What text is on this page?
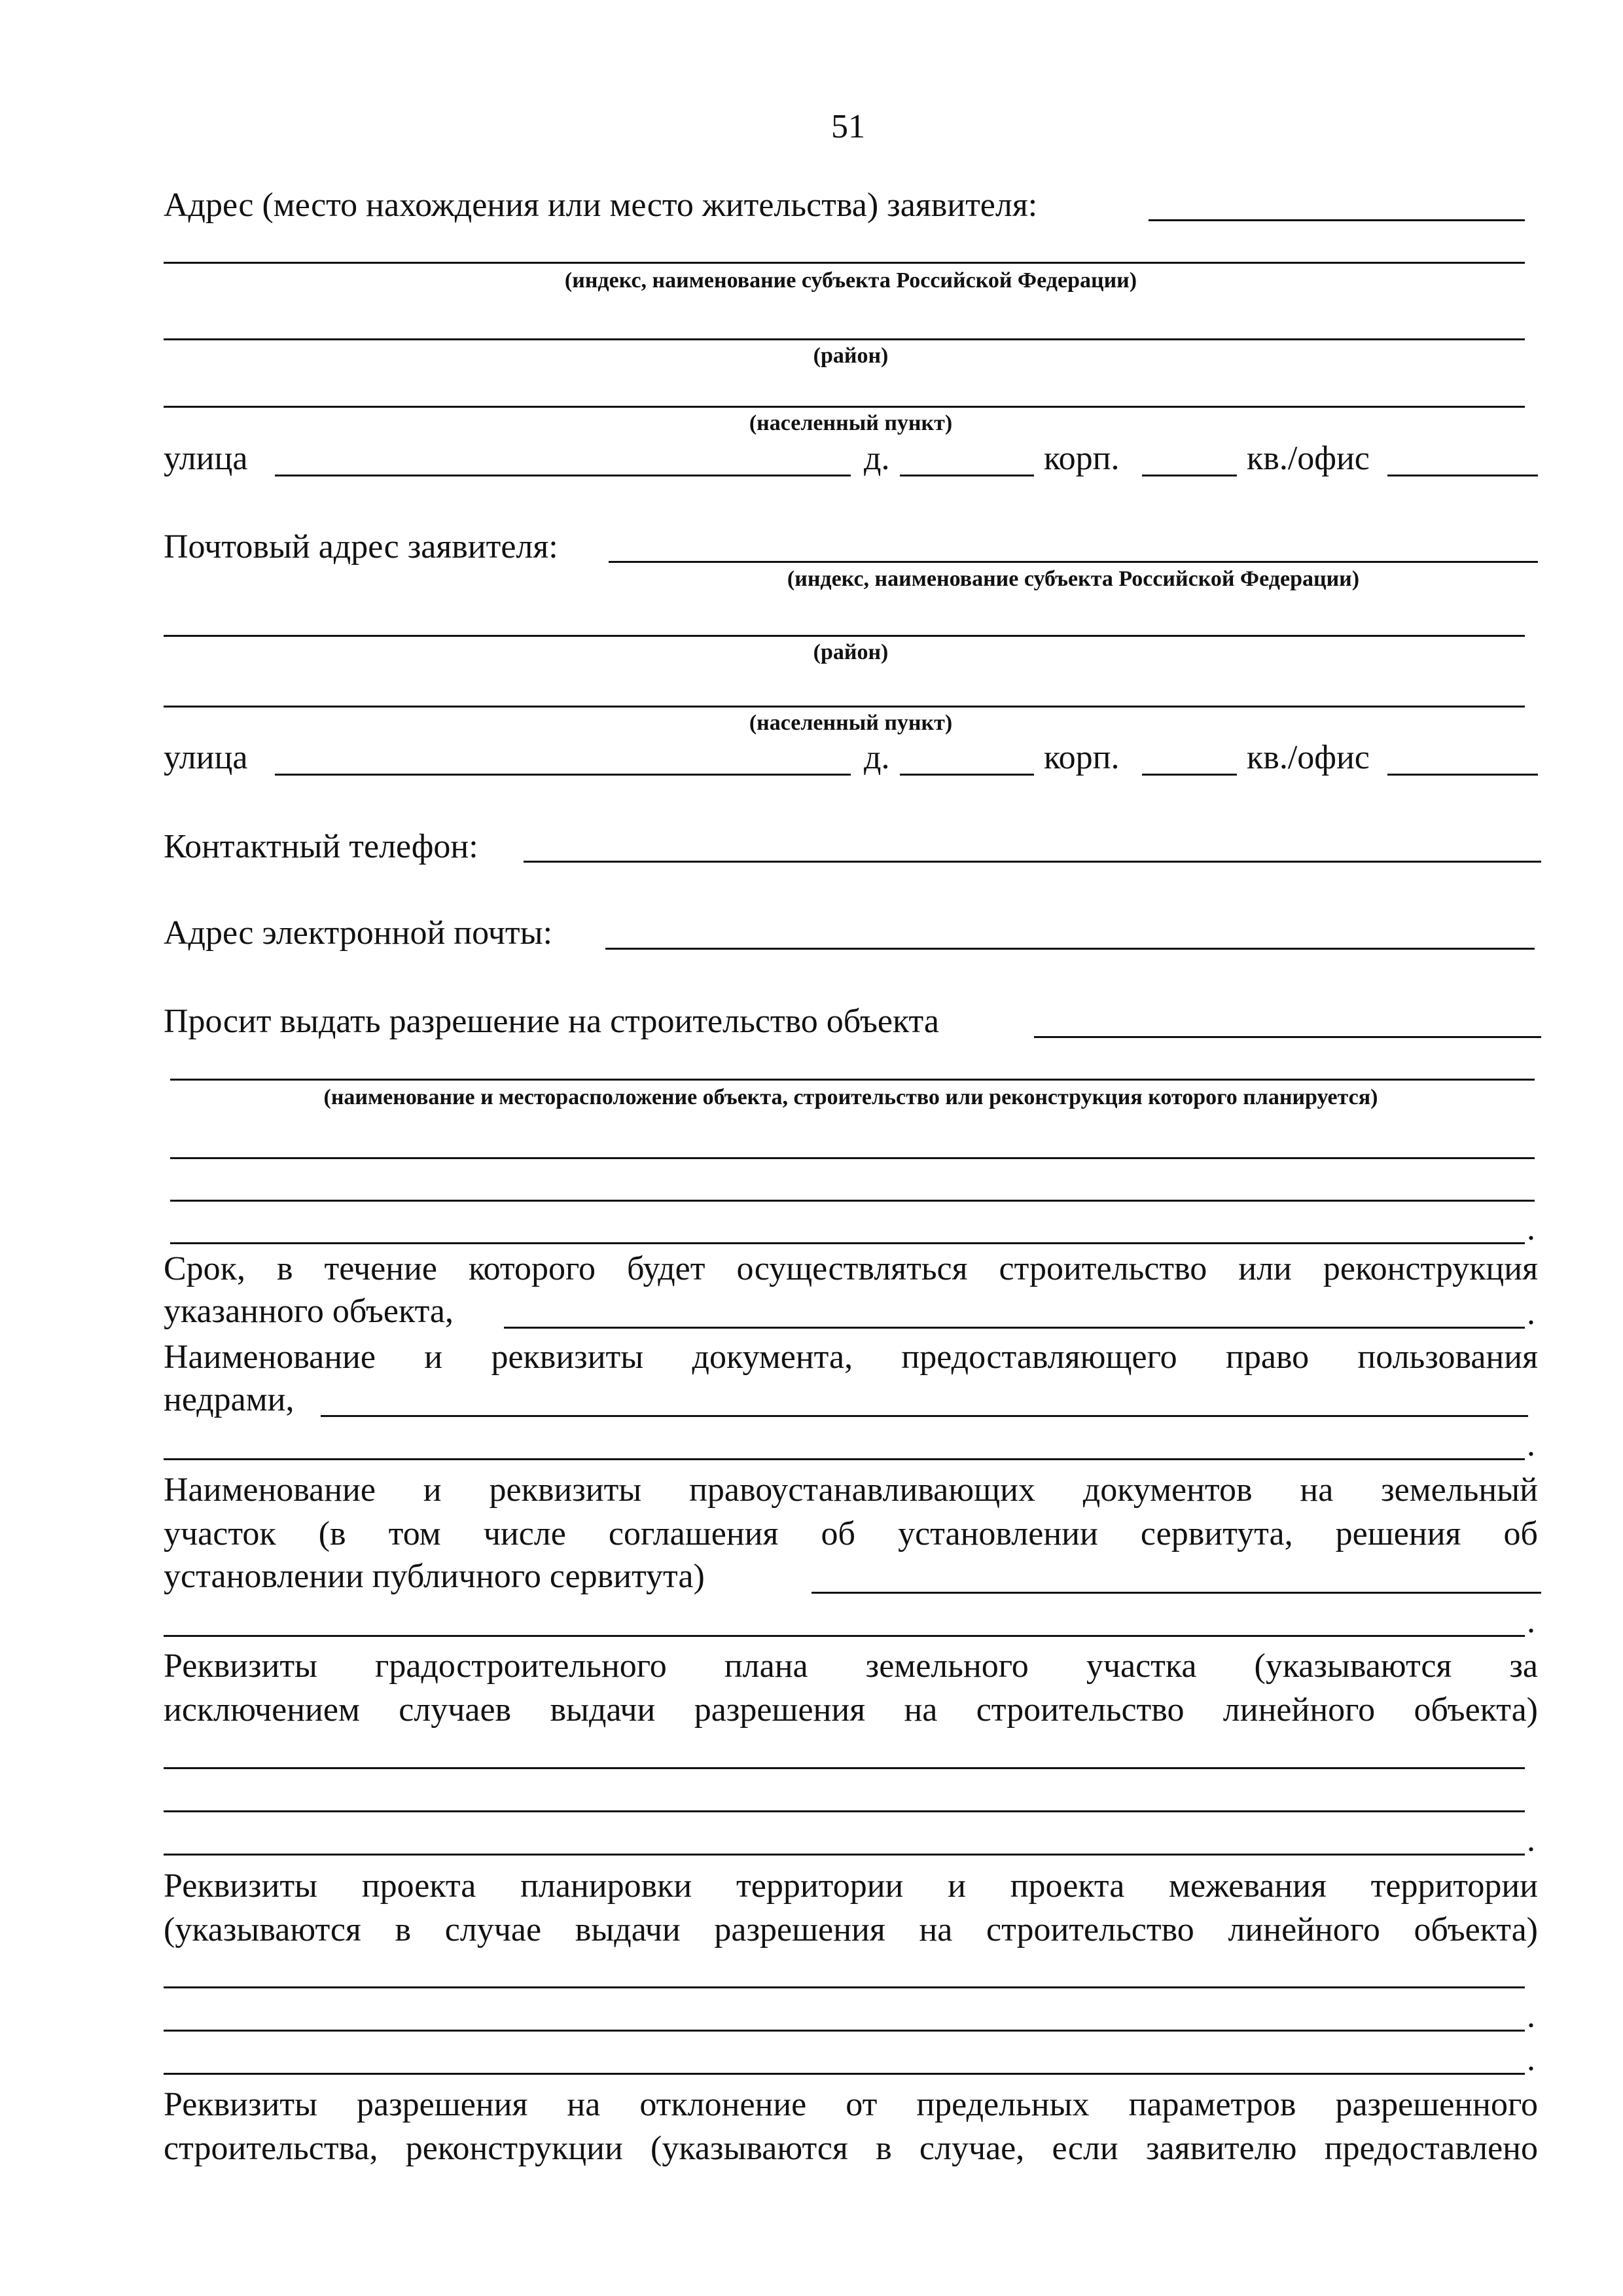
51
Адрес (место нахождения или место жительства) заявителя:
(индекс, наименование субъекта Российской Федерации)
(район)
(населенный пункт)
улица	д.	корп.	кв./офис
Почтовый адрес заявителя:
(индекс, наименование субъекта Российской Федерации)
(район)
(населенный пункт)
улица	д.	корп.	кв./офис
Контактный телефон:
Адрес электронной почты:
Просит выдать разрешение на строительство объекта
(наименование и месторасположение объекта, строительство или реконструкция которого планируется)
.
Срок, в течение которого будет осуществляться строительство или реконструкция
указанного объекта,	.
Наименование и реквизиты документа, предоставляющего право пользования
недрами,
.
Наименование и реквизиты правоустанавливающих документов на земельный
участок (в том числе соглашения об установлении сервитута, решения об
установлении публичного сервитута)
.
Реквизиты градостроительного плана земельного участка (указываются за
исключением случаев выдачи разрешения на строительство линейного объекта)
.
Реквизиты проекта планировки территории и проекта межевания территории
(указываются в случае выдачи разрешения на строительство линейного объекта)
.
.
Реквизиты разрешения на отклонение от предельных параметров разрешенного
строительства, реконструкции (указываются в случае, если заявителю предоставлено
